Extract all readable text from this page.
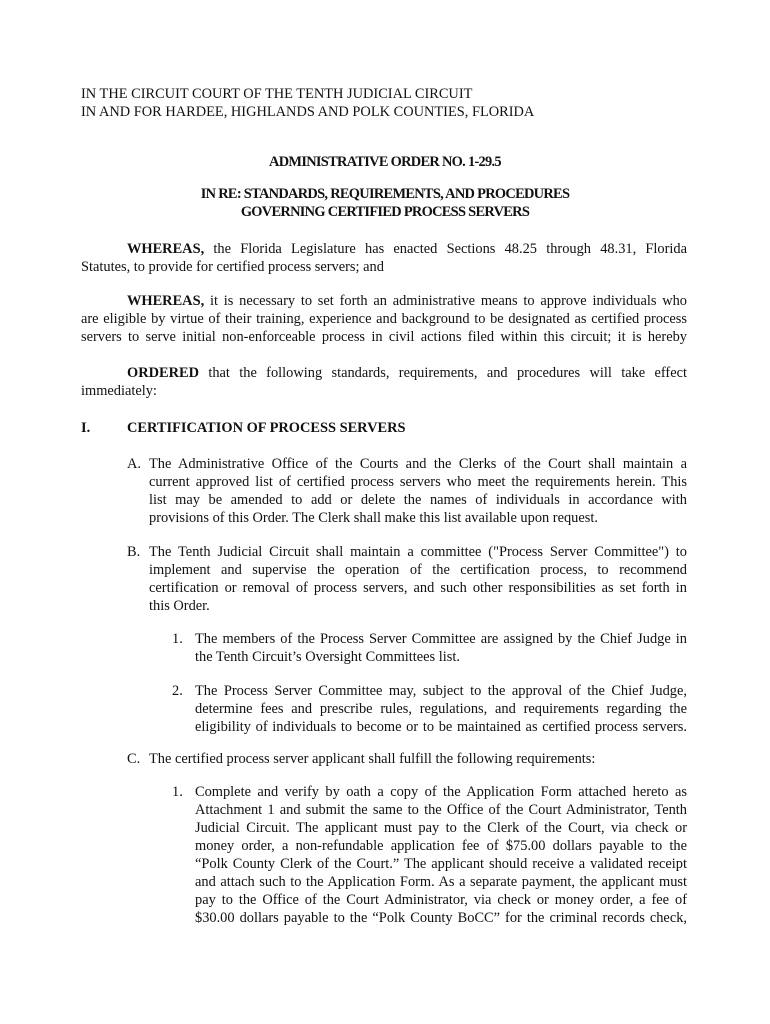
IN THE CIRCUIT COURT OF THE TENTH JUDICIAL CIRCUIT

IN AND FOR HARDEE, HIGHLANDS AND POLK COUNTIES, FLORIDA

ADMINISTRATIVE ORDER NO. 1-29.5

IN RE: STANDARDS, REQUIREMENTS, AND PROCEDURES

GOVERNING CERTIFIED PROCESS SERVERS

WHEREAS, the Florida Legislature has enacted Sections 48.25 through 48.31, Florida

Statutes, to provide for certified process servers; and

WHEREAS, it is necessary to set forth an administrative means to approve individuals who

are eligible by virtue of their training, experience and background to be designated as certified process

servers to serve initial non-enforceable process in civil actions filed within this circuit; it is hereby

ORDERED that the following standards, requirements, and procedures will take effect

immediately:

I.	CERTIFICATION OF PROCESS SERVERS

A. The Administrative Office of the Courts and the Clerks of the Court shall maintain a

current approved list of certified process servers who meet the requirements herein. This

list may be amended to add or delete the names of individuals in accordance with

provisions of this Order. The Clerk shall make this list available upon request.

B. The Tenth Judicial Circuit shall maintain a committee ("Process Server Committee") to

implement and supervise the operation of the certification process, to recommend

certification or removal of process servers, and such other responsibilities as set forth in

this Order.

1. The members of the Process Server Committee are assigned by the Chief Judge in

the Tenth Circuit’s Oversight Committees list.

2. The Process Server Committee may, subject to the approval of the Chief Judge,

determine fees and prescribe rules, regulations, and requirements regarding the

eligibility of individuals to become or to be maintained as certified process servers.

C. The certified process server applicant shall fulfill the following requirements:

1. Complete and verify by oath a copy of the Application Form attached hereto as

Attachment 1 and submit the same to the Office of the Court Administrator, Tenth

Judicial Circuit. The applicant must pay to the Clerk of the Court, via check or

money order, a non-refundable application fee of $75.00 dollars payable to the

“Polk County Clerk of the Court.” The applicant should receive a validated receipt

and attach such to the Application Form. As a separate payment, the applicant must

pay to the Office of the Court Administrator, via check or money order, a fee of

$30.00 dollars payable to the “Polk County BoCC” for the criminal records check,
